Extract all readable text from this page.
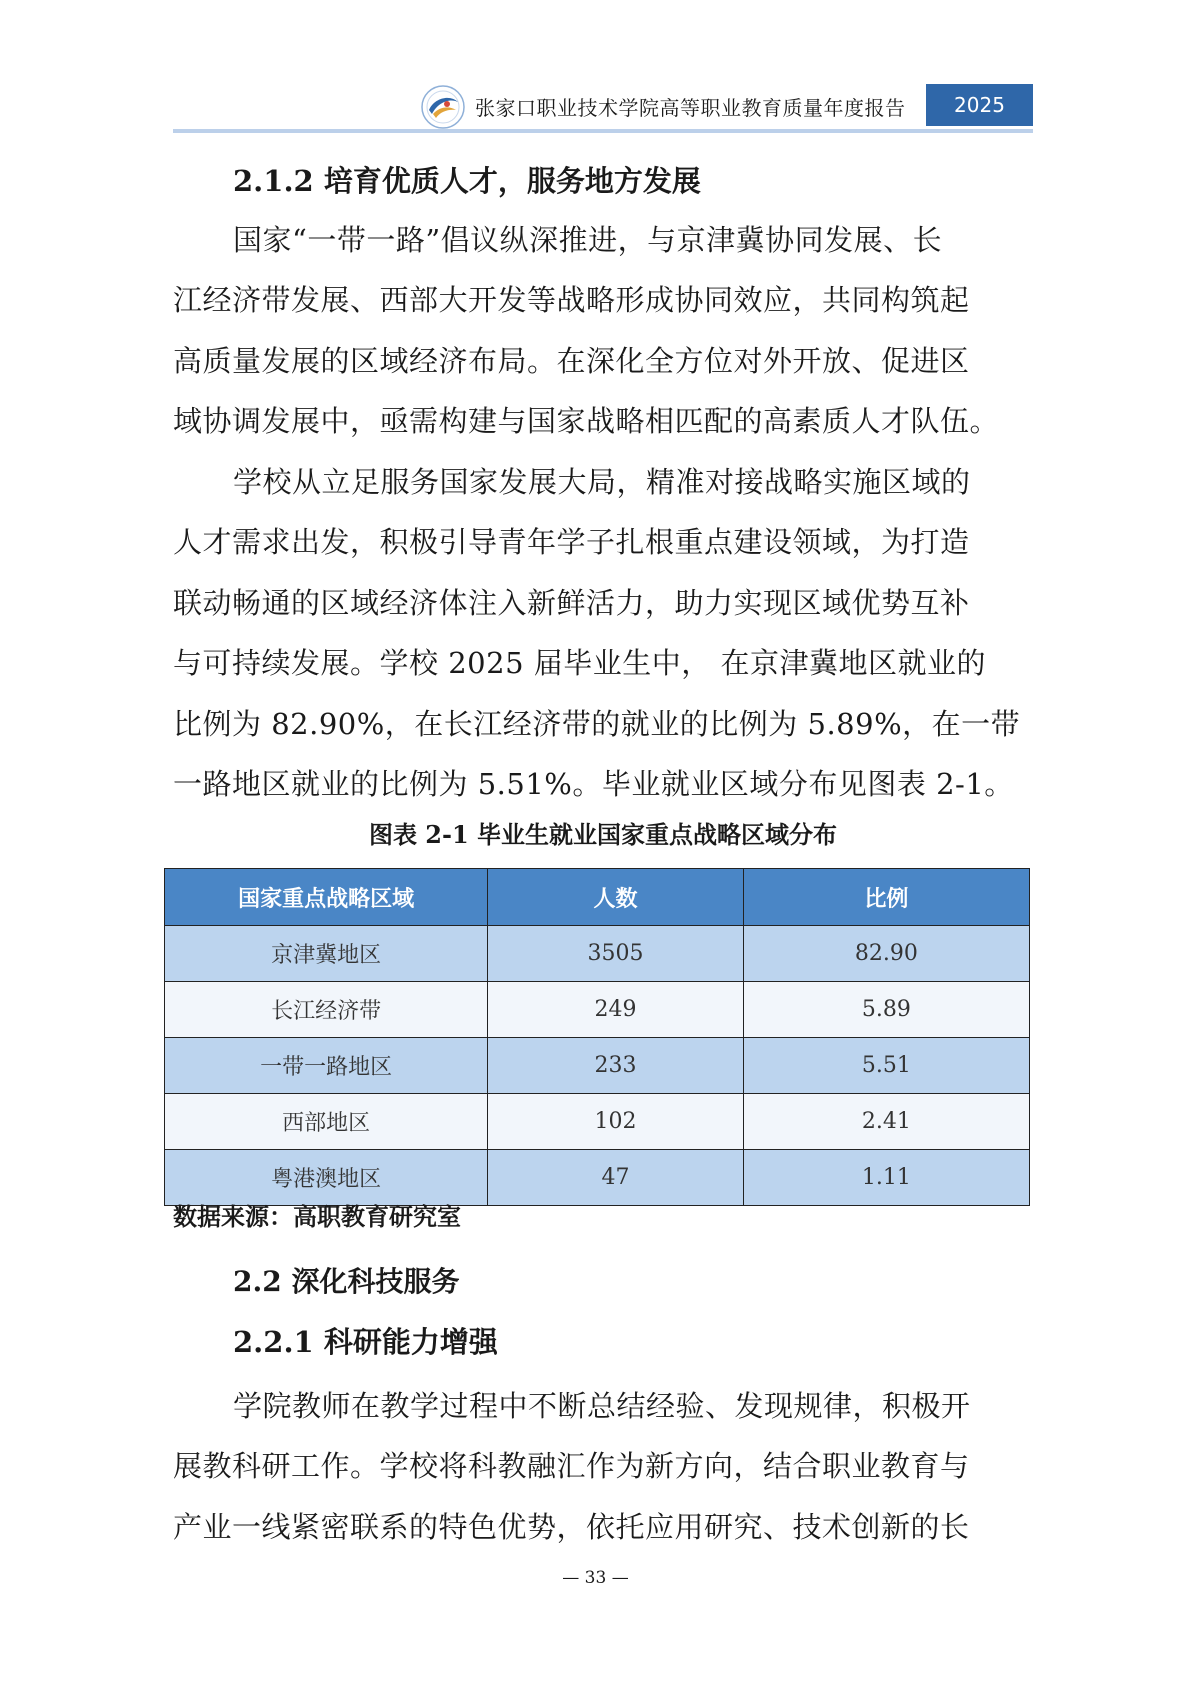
张家口职业技术学院高等职业教育质量年度报告	2025
2.1.2 培育优质人才，服务地方发展
国家“一带一路”倡议纵深推进，与京津冀协同发展、长
江经济带发展、西部大开发等战略形成协同效应，共同构筑起
高质量发展的区域经济布局。在深化全方位对外开放、促进区
域协调发展中，亟需构建与国家战略相匹配的高素质人才队伍。
学校从立足服务国家发展大局，精准对接战略实施区域的
人才需求出发，积极引导青年学子扎根重点建设领域，为打造
联动畅通的区域经济体注入新鲜活力，助力实现区域优势互补
与可持续发展。学校 2025 届毕业生中， 在京津冀地区就业的
比例为 82.90%，在长江经济带的就业的比例为 5.89%，在一带
一路地区就业的比例为 5.51%。毕业就业区域分布见图表 2-1。
图表 2-1 毕业生就业国家重点战略区域分布
国家重点战略区域	人数	比例
京津冀地区	3505	82.90
长江经济带	249	5.89
一带一路地区	233	5.51
西部地区	102	2.41
粤港澳地区	47	1.11
数据来源：高职教育研究室
2.2 深化科技服务
2.2.1 科研能力增强
学院教师在教学过程中不断总结经验、发现规律，积极开
展教科研工作。学校将科教融汇作为新方向，结合职业教育与
产业一线紧密联系的特色优势，依托应用研究、技术创新的长
— 33 —
